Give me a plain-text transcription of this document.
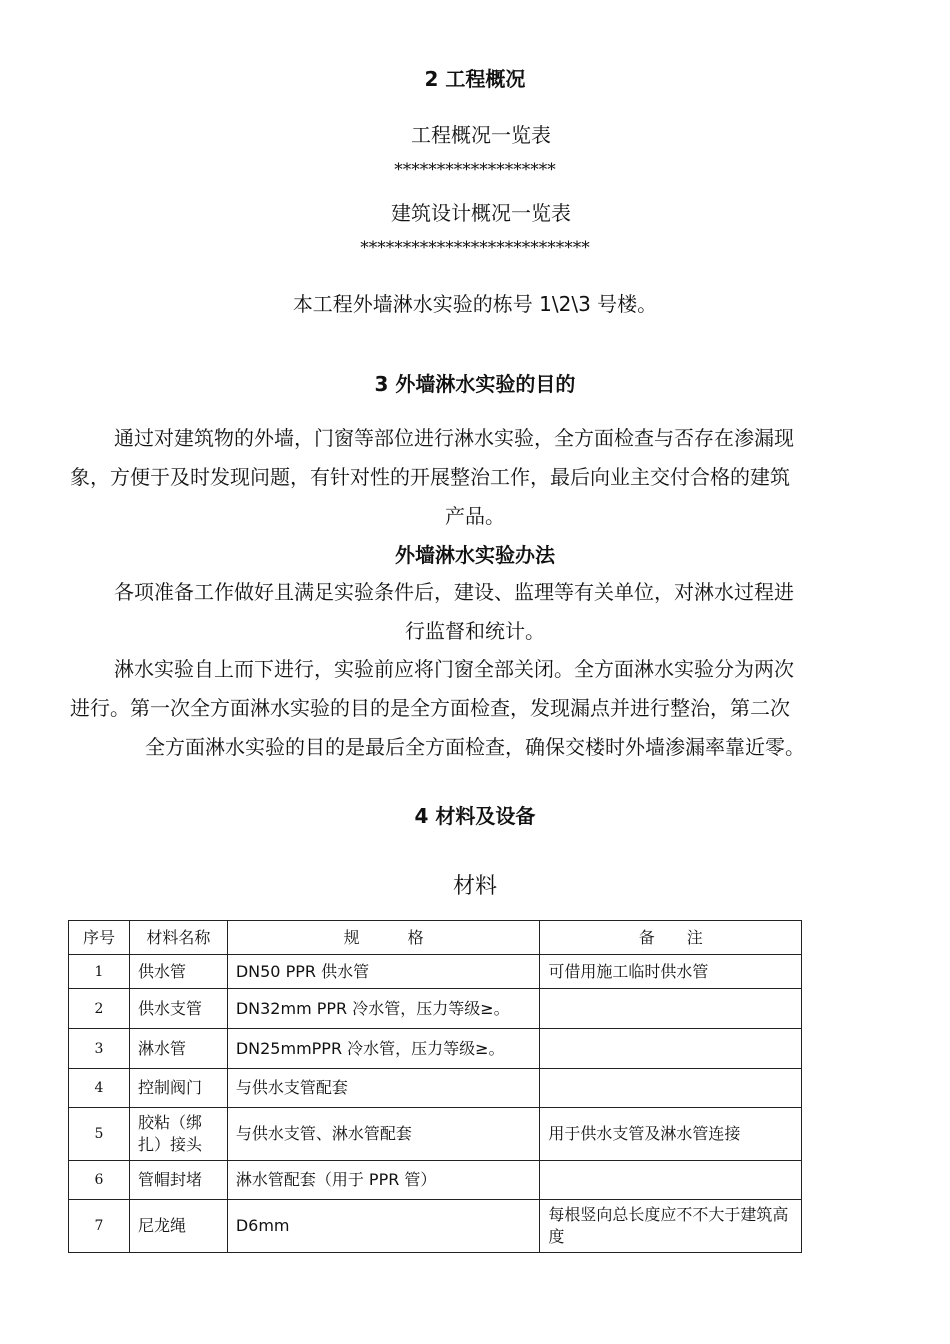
2 工程概况
工程概况一览表
*******************
建筑设计概况一览表
***************************
本工程外墙淋水实验的栋号 1\2\3 号楼。
3 外墙淋水实验的目的
通过对建筑物的外墙，门窗等部位进行淋水实验，全方面检查与否存在渗漏现
象，方便于及时发现问题，有针对性的开展整治工作，最后向业主交付合格的建筑
产品。
外墙淋水实验办法
各项准备工作做好且满足实验条件后，建设、监理等有关单位，对淋水过程进
行监督和统计。
淋水实验自上而下进行，实验前应将门窗全部关闭。全方面淋水实验分为两次
进行。第一次全方面淋水实验的目的是全方面检查，发现漏点并进行整治，第二次
全方面淋水实验的目的是最后全方面检查，确保交楼时外墙渗漏率靠近零。
4 材料及设备
材料
序号	材料名称	规　　　格	备　　注
1	供水管	DN50 PPR 供水管	可借用施工临时供水管
2	供水支管	DN32mm PPR 冷水管，压力等级≥。	
3	淋水管	DN25mmPPR 冷水管，压力等级≥。	
4	控制阀门	与供水支管配套	
5	胶粘（绑扎）接头	与供水支管、淋水管配套	用于供水支管及淋水管连接
6	管帽封堵	淋水管配套（用于 PPR 管）	
7	尼龙绳	D6mm	每根竖向总长度应不不大于建筑高度
